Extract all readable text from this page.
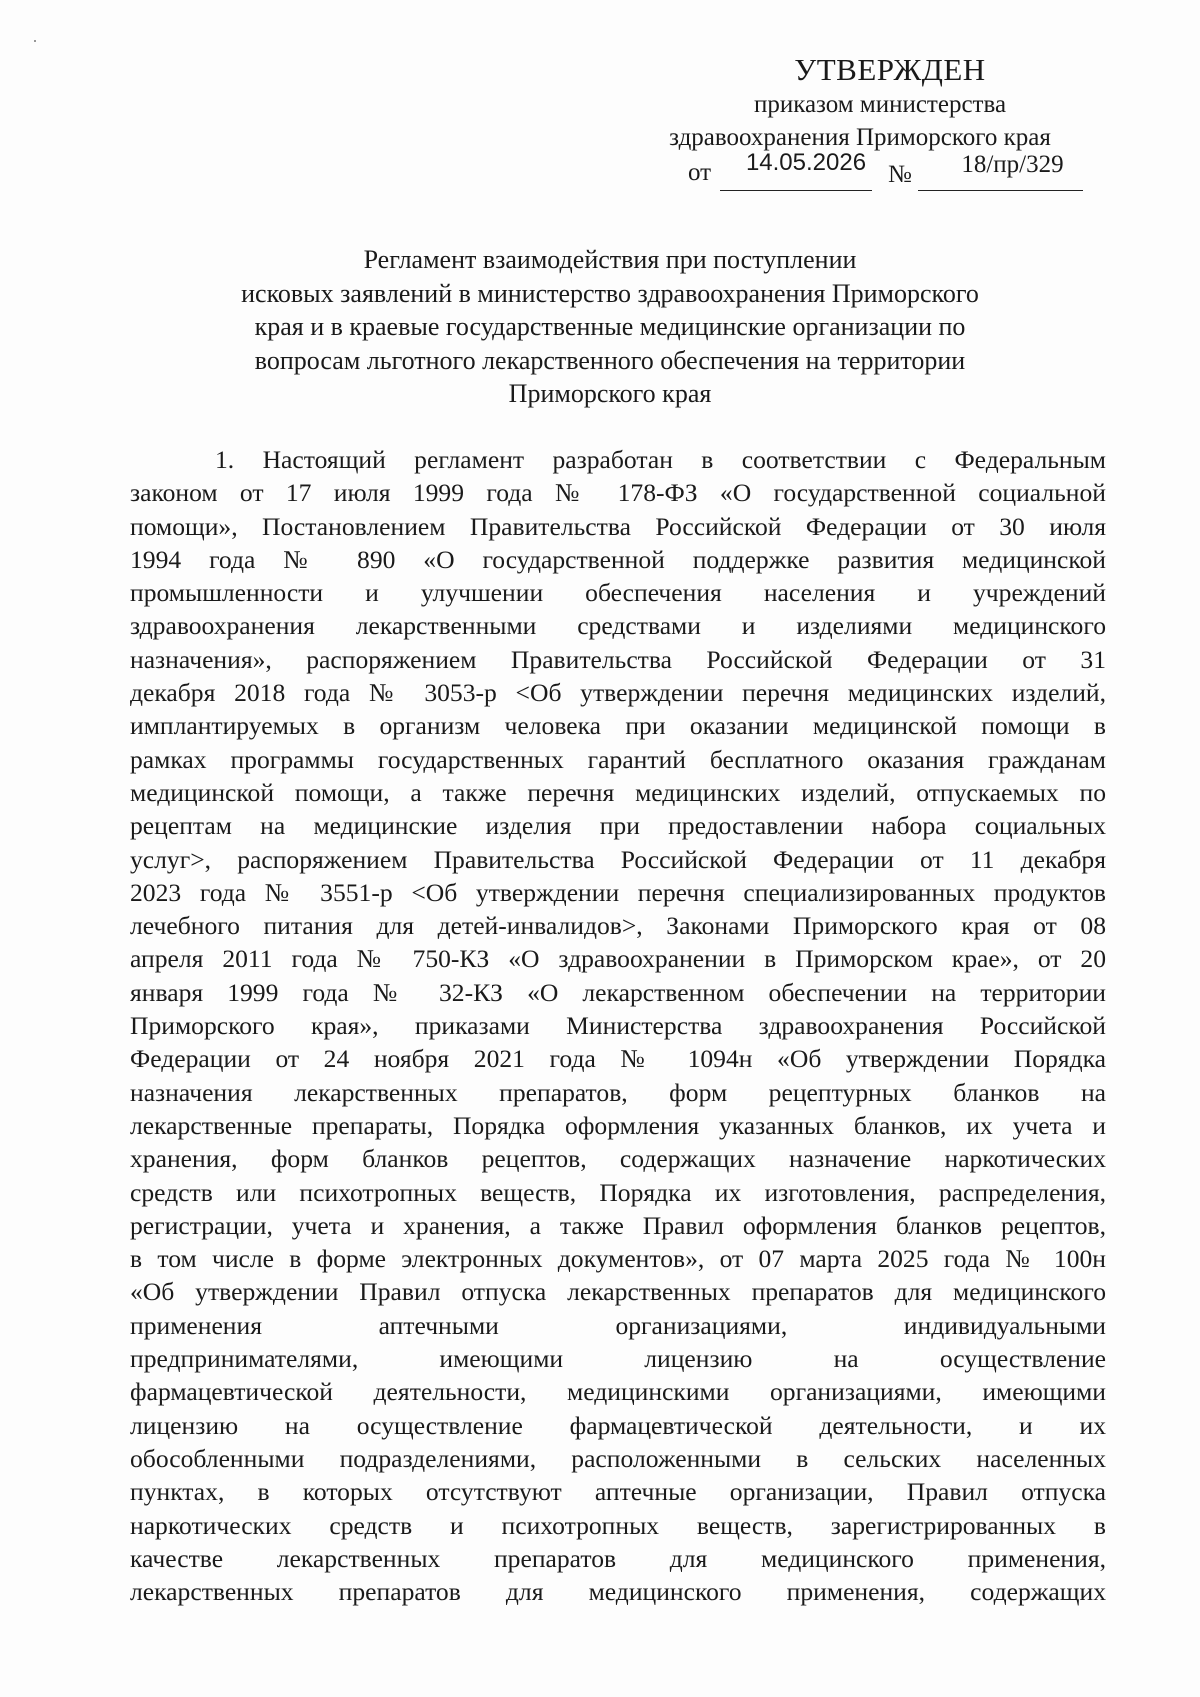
УТВЕРЖДЕН
приказом министерства
здравоохранения Приморского края
от	14.05.2026 №	18/пр/329
Регламент взаимодействия при поступлении
исковых заявлений в министерство здравоохранения Приморского
края и в краевые государственные медицинские организации по
вопросам льготного лекарственного обеспечения на территории
Приморского края
1. Настоящий регламент разработан в соответствии с Федеральным
законом от 17 июля 1999 года № 178-ФЗ «О государственной социальной
помощи», Постановлением Правительства Российской Федерации от 30 июля
1994 года № 890 «О государственной поддержке развития медицинской
промышленности и улучшении обеспечения населения и учреждений
здравоохранения лекарственными средствами и изделиями медицинского
назначения», распоряжением Правительства Российской Федерации от 31
декабря 2018 года № 3053-р <Об утверждении перечня медицинских изделий,
имплантируемых в организм человека при оказании медицинской помощи в
рамках программы государственных гарантий бесплатного оказания гражданам
медицинской помощи, а также перечня медицинских изделий, отпускаемых по
рецептам на медицинские изделия при предоставлении набора социальных
услуг>, распоряжением Правительства Российской Федерации от 11 декабря
2023 года № 3551-р <Об утверждении перечня специализированных продуктов
лечебного питания для детей-инвалидов>, Законами Приморского края от 08
апреля 2011 года № 750-КЗ «О здравоохранении в Приморском крае», от 20
января 1999 года № 32-КЗ «О лекарственном обеспечении на территории
Приморского края», приказами Министерства здравоохранения Российской
Федерации от 24 ноября 2021 года № 1094н «Об утверждении Порядка
назначения лекарственных препаратов, форм рецептурных бланков на
лекарственные препараты, Порядка оформления указанных бланков, их учета и
хранения, форм бланков рецептов, содержащих назначение наркотических
средств или психотропных веществ, Порядка их изготовления, распределения,
регистрации, учета и хранения, а также Правил оформления бланков рецептов,
в том числе в форме электронных документов», от 07 марта 2025 года № 100н
«Об утверждении Правил отпуска лекарственных препаратов для медицинского
применения аптечными организациями, индивидуальными
предпринимателями, имеющими лицензию на осуществление
фармацевтической деятельности, медицинскими организациями, имеющими
лицензию на осуществление фармацевтической деятельности, и их
обособленными подразделениями, расположенными в сельских населенных
пунктах, в которых отсутствуют аптечные организации, Правил отпуска
наркотических средств и психотропных веществ, зарегистрированных в
качестве лекарственных препаратов для медицинского применения,
лекарственных препаратов для медицинского применения, содержащих
